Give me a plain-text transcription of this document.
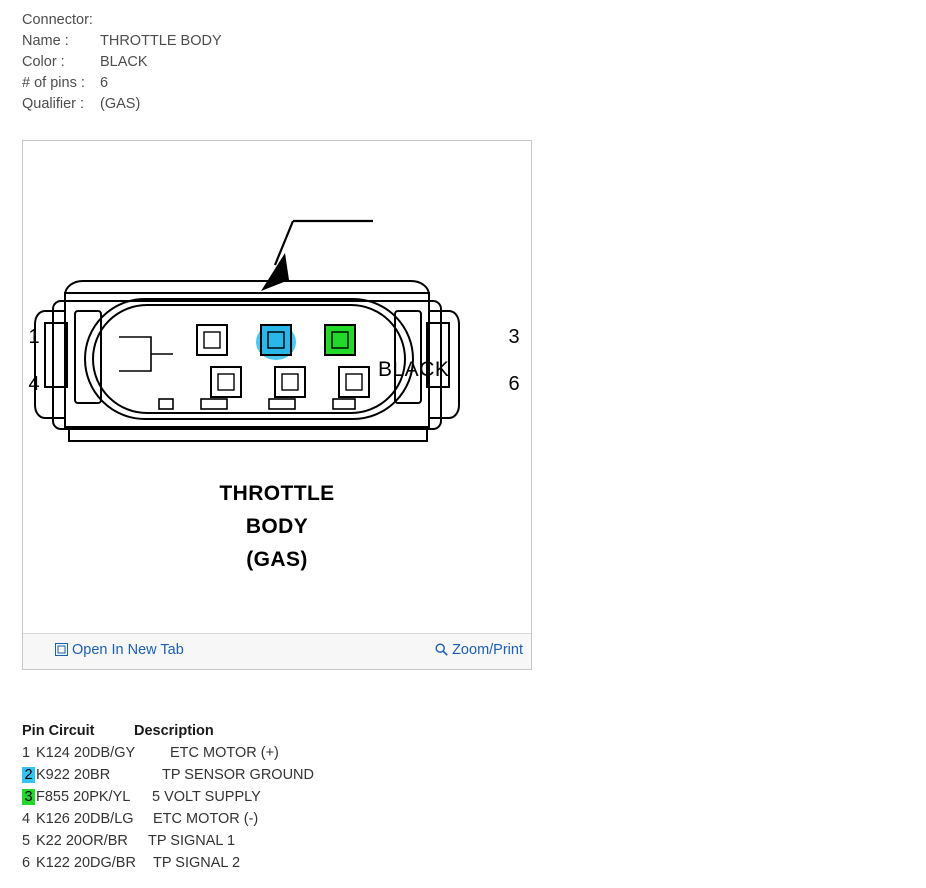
Connector:
Name :	THROTTLE BODY
Color :	BLACK
# of pins :	6
Qualifier :	(GAS)
BLACK
1	3
4	6
THROTTLE
BODY
(GAS)
Open In New Tab	Zoom/Print
Pin Circuit	Description
1 K124 20DB/GY ETC MOTOR (+)
2 K922 20BR	TP SENSOR GROUND
3 F855 20PK/YL 5 VOLT SUPPLY
4 K126 20DB/LG ETC MOTOR (-)
5 K22 20OR/BR TP SIGNAL 1
6 K122 20DG/BR TP SIGNAL 2
